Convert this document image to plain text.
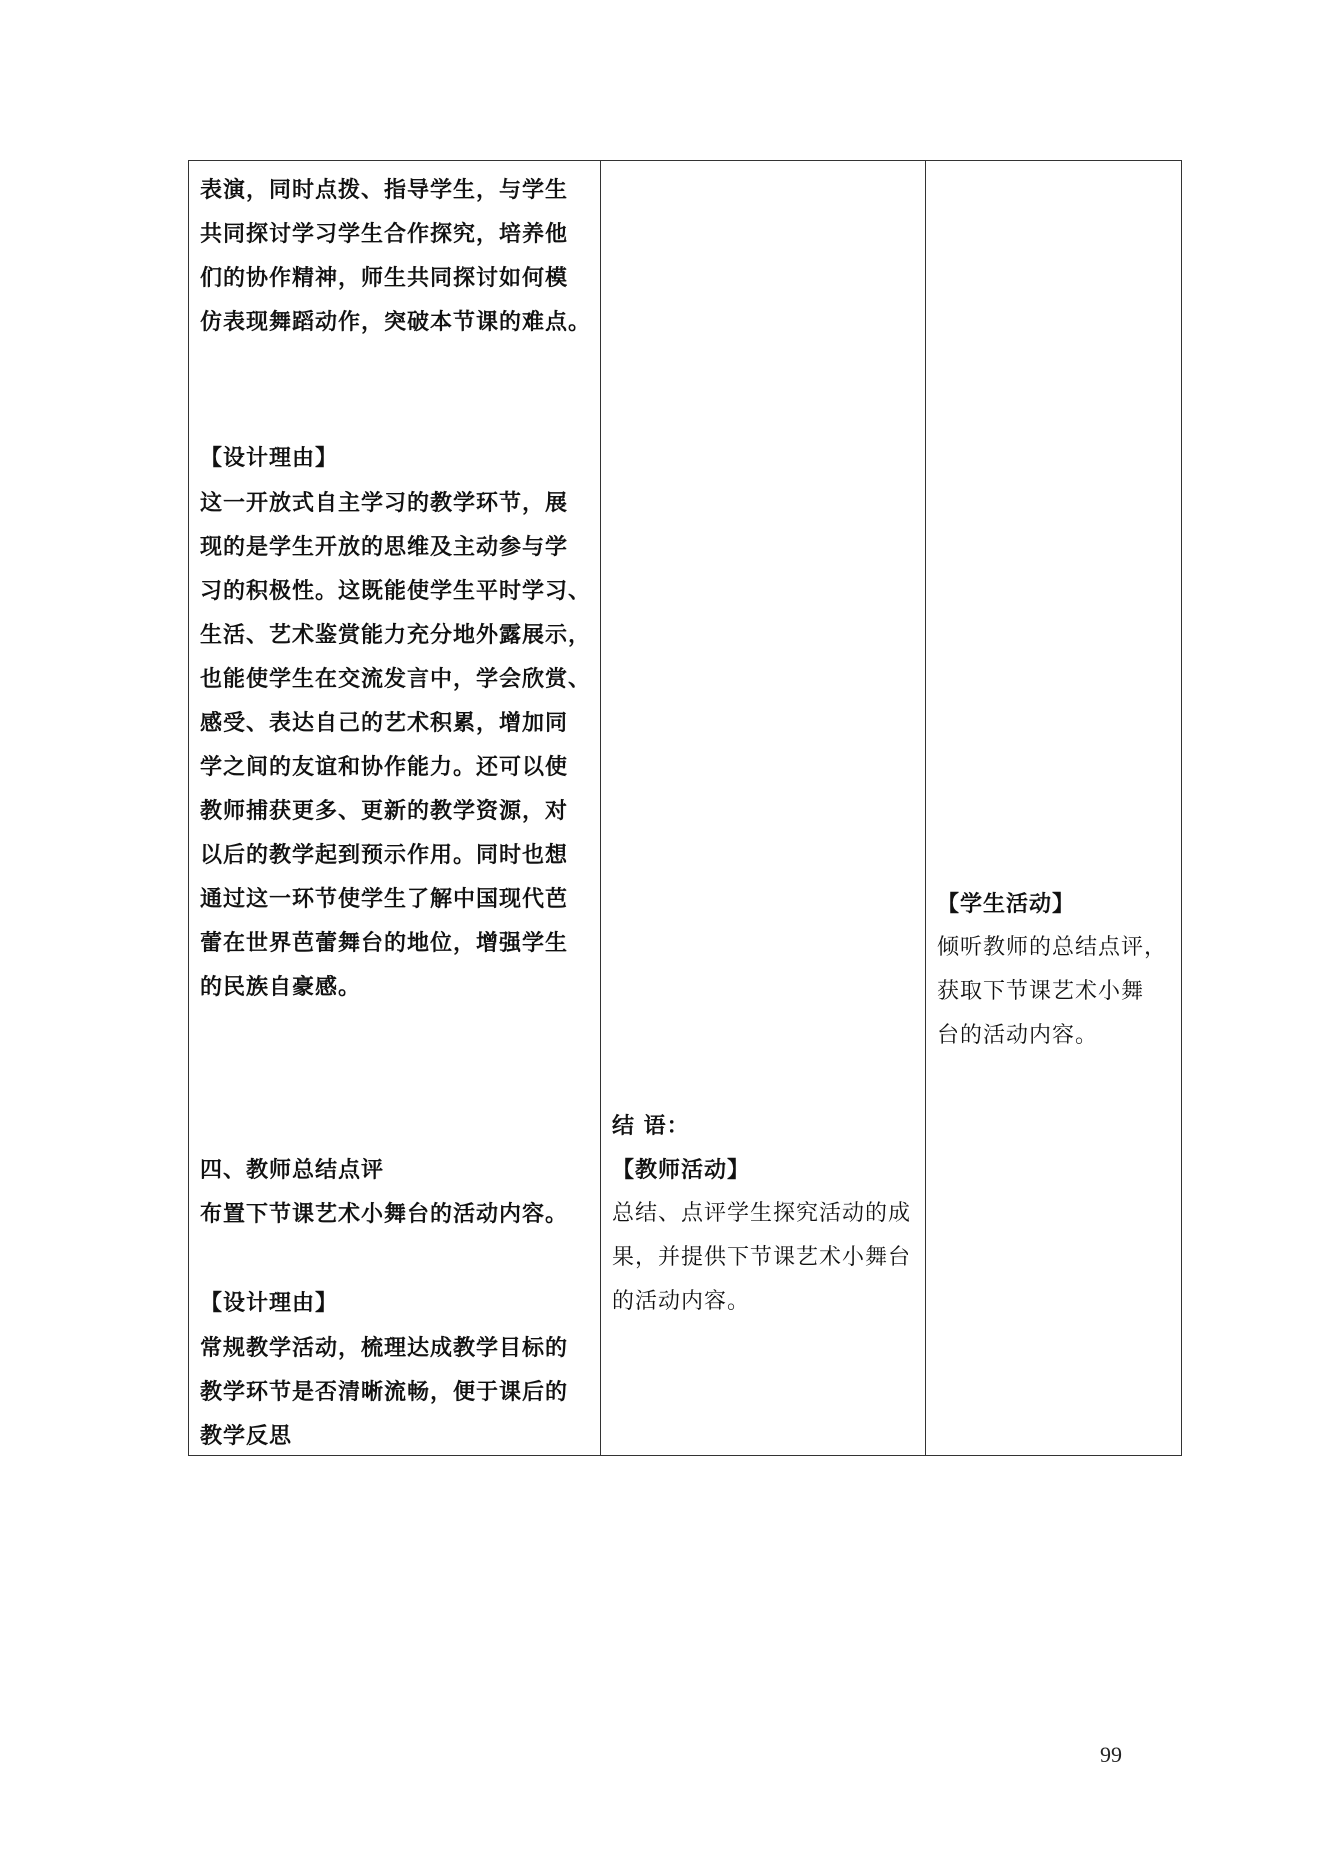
表演，同时点拨、指导学生，与学生
共同探讨学习学生合作探究，培养他
们的协作精神，师生共同探讨如何模
仿表现舞蹈动作，突破本节课的难点。
【设计理由】
这一开放式自主学习的教学环节，展
现的是学生开放的思维及主动参与学
习的积极性。这既能使学生平时学习、
生活、艺术鉴赏能力充分地外露展示，
也能使学生在交流发言中，学会欣赏、
感受、表达自己的艺术积累，增加同
学之间的友谊和协作能力。还可以使
教师捕获更多、更新的教学资源，对
以后的教学起到预示作用。同时也想
通过这一环节使学生了解中国现代芭
蕾在世界芭蕾舞台的地位，增强学生
的民族自豪感。
四、教师总结点评
布置下节课艺术小舞台的活动内容。
【设计理由】
常规教学活动，梳理达成教学目标的
教学环节是否清晰流畅，便于课后的
教学反思
结 语：
【教师活动】
总结、点评学生探究活动的成
果，并提供下节课艺术小舞台
的活动内容。
【学生活动】
倾听教师的总结点评，
获取下节课艺术小舞
台的活动内容。
99
